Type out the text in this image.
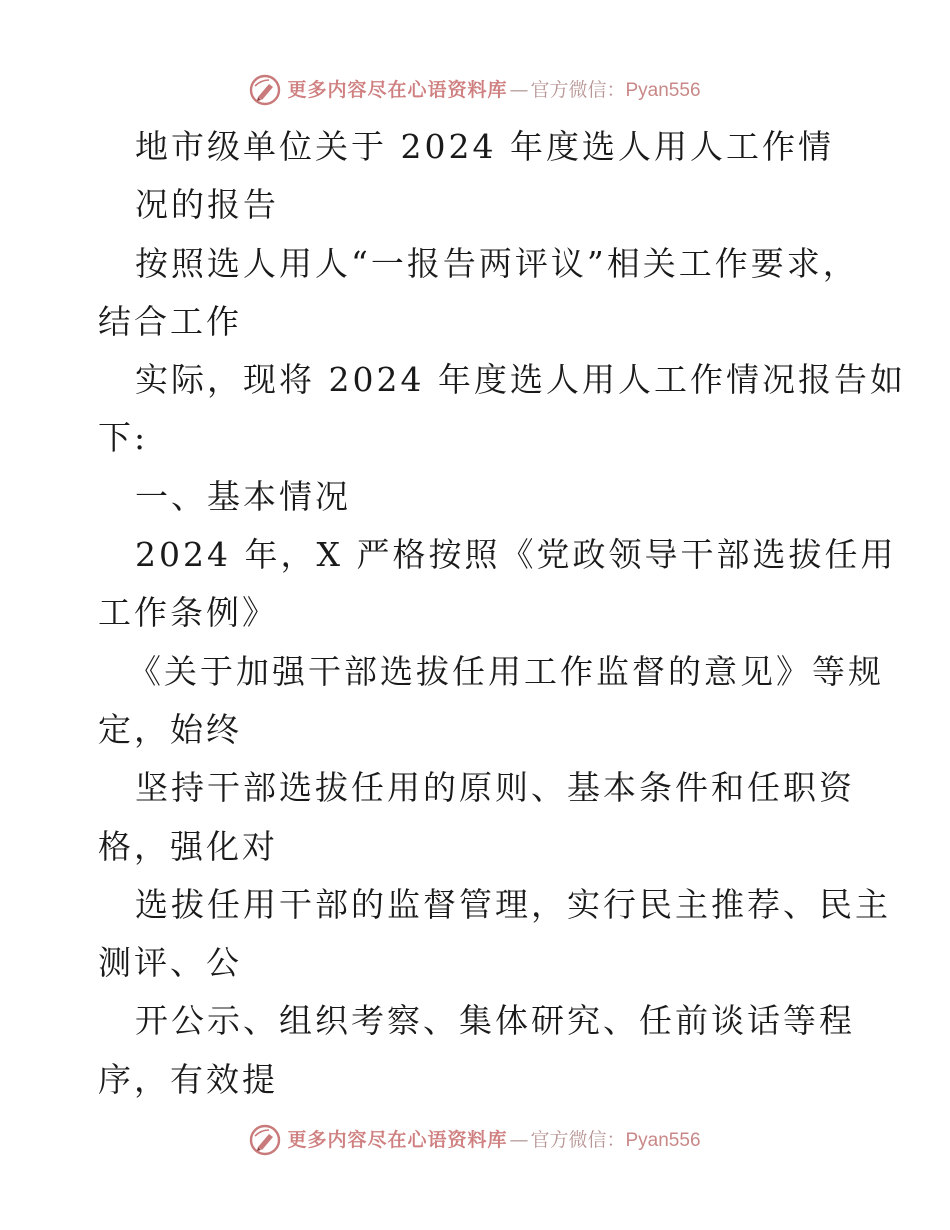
更多内容尽在心语资料库 — 官方微信： Pyan556
地市级单位关于 2024 年度选人用人工作情
况的报告
按照选人用人“一报告两评议”相关工作要求，
结合工作
实际，现将 2024 年度选人用人工作情况报告如
下:
一、基本情况
2024 年，X 严格按照《党政领导干部选拔任用
工作条例》
《关于加强干部选拔任用工作监督的意见》等规
定，始终
坚持干部选拔任用的原则、基本条件和任职资
格，强化对
选拔任用干部的监督管理，实行民主推荐、民主
测评、公
开公示、组织考察、集体研究、任前谈话等程
序，有效提
更多内容尽在心语资料库 — 官方微信： Pyan556
